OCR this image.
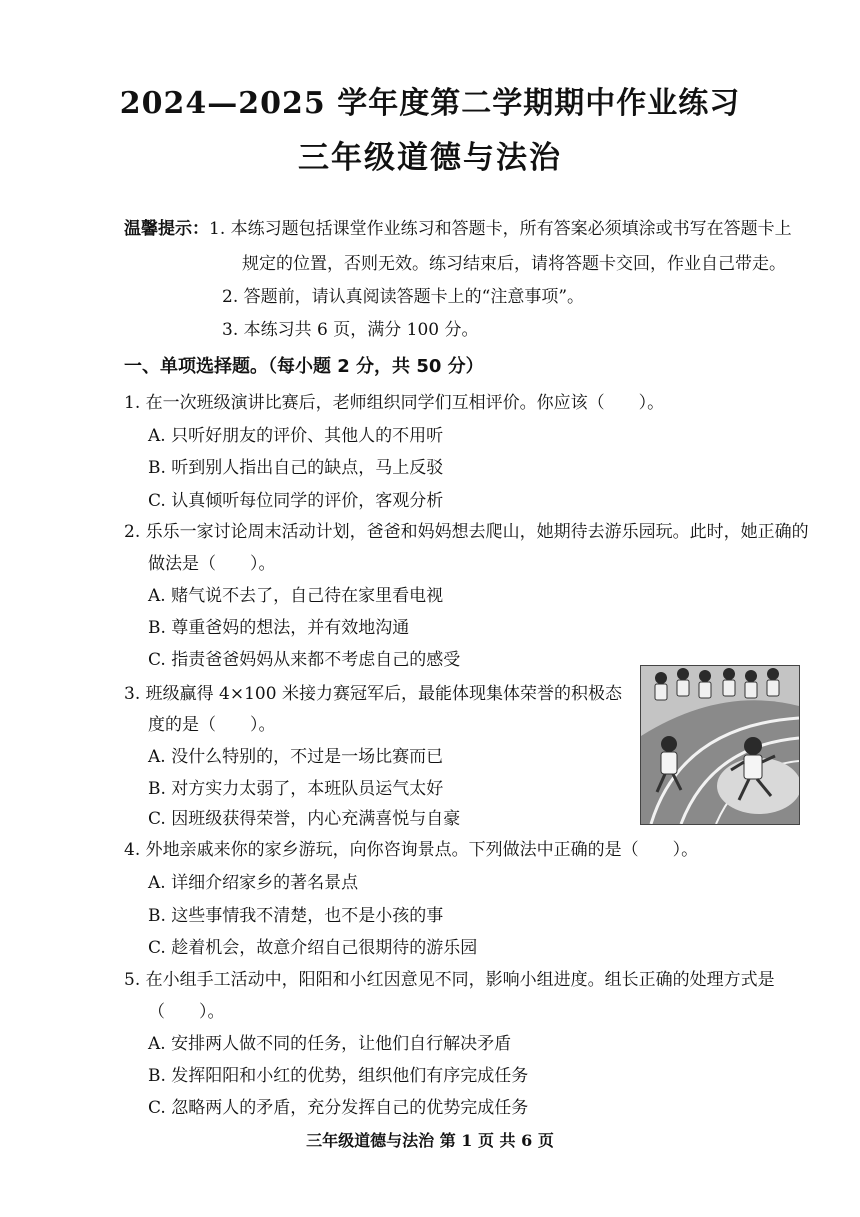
2024—2025 学年度第二学期期中作业练习
三年级道德与法治
温馨提示：1. 本练习题包括课堂作业练习和答题卡，所有答案必须填涂或书写在答题卡上
规定的位置，否则无效。练习结束后，请将答题卡交回，作业自己带走。
2. 答题前，请认真阅读答题卡上的“注意事项”。
3. 本练习共 6 页，满分 100 分。
一、单项选择题。（每小题 2 分，共 50 分）
1. 在一次班级演讲比赛后，老师组织同学们互相评价。你应该（　　）。
A. 只听好朋友的评价、其他人的不用听
B. 听到别人指出自己的缺点，马上反驳
C. 认真倾听每位同学的评价，客观分析
2. 乐乐一家讨论周末活动计划，爸爸和妈妈想去爬山，她期待去游乐园玩。此时，她正确的
做法是（　　）。
A. 赌气说不去了，自己待在家里看电视
B. 尊重爸妈的想法，并有效地沟通
C. 指责爸爸妈妈从来都不考虑自己的感受
3. 班级赢得 4×100 米接力赛冠军后，最能体现集体荣誉的积极态
度的是（　　）。
A. 没什么特别的，不过是一场比赛而已
B. 对方实力太弱了，本班队员运气太好
C. 因班级获得荣誉，内心充满喜悦与自豪
4. 外地亲戚来你的家乡游玩，向你咨询景点。下列做法中正确的是（　　）。
A. 详细介绍家乡的著名景点
B. 这些事情我不清楚，也不是小孩的事
C. 趁着机会，故意介绍自己很期待的游乐园
5. 在小组手工活动中，阳阳和小红因意见不同，影响小组进度。组长正确的处理方式是
（　　）。
A. 安排两人做不同的任务，让他们自行解决矛盾
B. 发挥阳阳和小红的优势，组织他们有序完成任务
C. 忽略两人的矛盾，充分发挥自己的优势完成任务
三年级道德与法治 第 1 页 共 6 页
